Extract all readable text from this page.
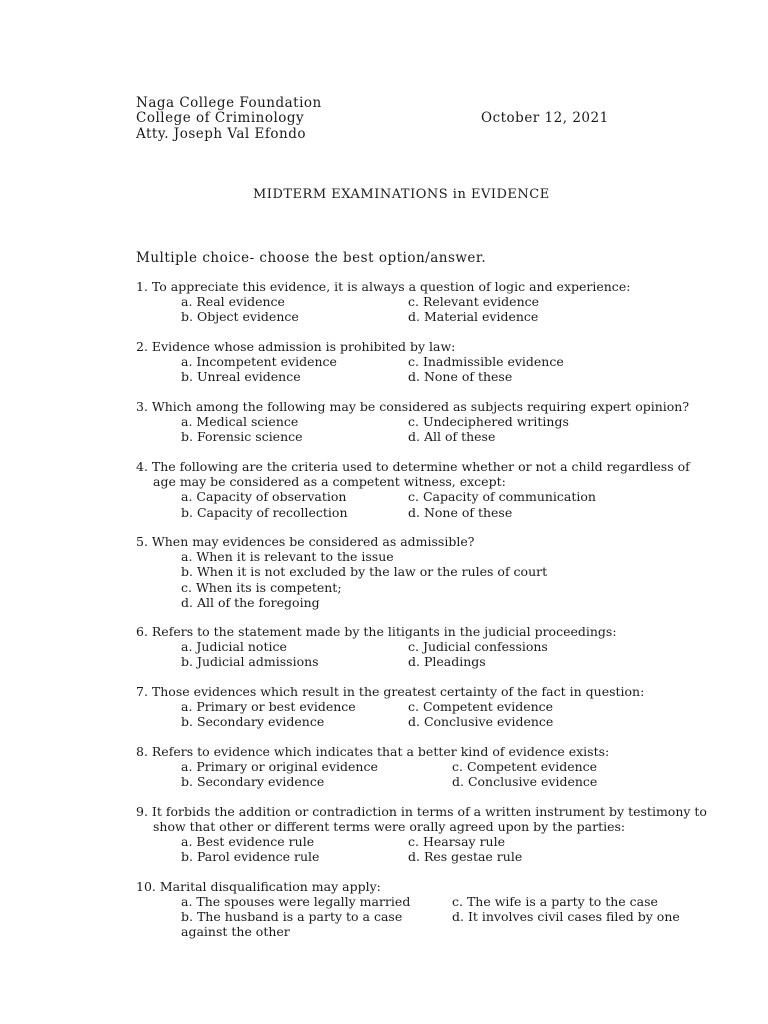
Naga College Foundation
College of Criminology	October 12, 2021
Atty. Joseph Val Efondo
MIDTERM EXAMINATIONS in EVIDENCE
Multiple choice- choose the best option/answer.
1. To appreciate this evidence, it is always a question of logic and experience:
a. Real evidence
b. Object evidence
c. Relevant evidence
d. Material evidence
2. Evidence whose admission is prohibited by law:
a. Incompetent evidence
b. Unreal evidence
c. Inadmissible evidence
d. None of these
3. Which among the following may be considered as subjects requiring expert opinion?
a. Medical science
b. Forensic science
c. Undeciphered writings
d. All of these
4. The following are the criteria used to determine whether or not a child regardless of
age may be considered as a competent witness, except:
a. Capacity of observation
b. Capacity of recollection
c. Capacity of communication
d. None of these
5. When may evidences be considered as admissible?
a. When it is relevant to the issue
b. When it is not excluded by the law or the rules of court
c. When its is competent;
d. All of the foregoing
6. Refers to the statement made by the litigants in the judicial proceedings:
a. Judicial notice
b. Judicial admissions
c. Judicial confessions
d. Pleadings
7. Those evidences which result in the greatest certainty of the fact in question:
a. Primary or best evidence
b. Secondary evidence
c. Competent evidence
d. Conclusive evidence
8. Refers to evidence which indicates that a better kind of evidence exists:
a. Primary or original evidence
b. Secondary evidence
c. Competent evidence
d. Conclusive evidence
9. It forbids the addition or contradiction in terms of a written instrument by testimony to
show that other or different terms were orally agreed upon by the parties:
a. Best evidence rule
b. Parol evidence rule
c. Hearsay rule
d. Res gestae rule
10. Marital disqualification may apply:
a. The spouses were legally married
b. The husband is a party to a case
c. The wife is a party to the case
d. It involves civil cases filed by one
against the other
